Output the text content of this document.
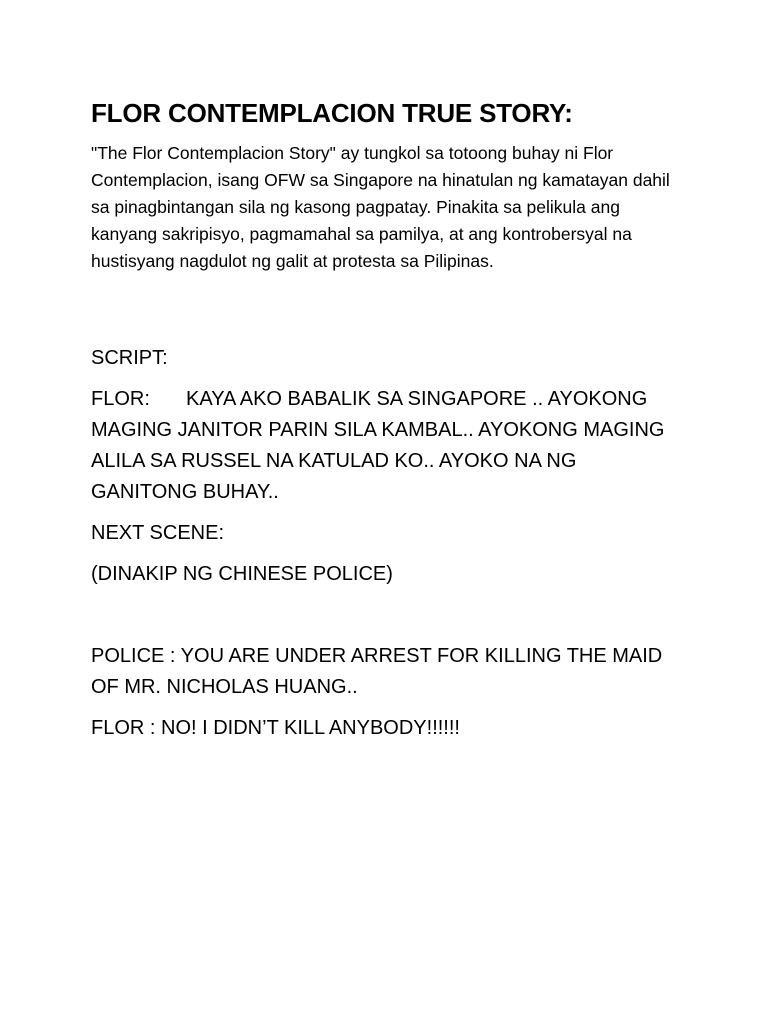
FLOR CONTEMPLACION TRUE STORY:

"The Flor Contemplacion Story" ay tungkol sa totoong buhay ni Flor Contemplacion, isang OFW sa Singapore na hinatulan ng kamatayan dahil sa pinagbintangan sila ng kasong pagpatay. Pinakita sa pelikula ang kanyang sakripisyo, pagmamahal sa pamilya, at ang kontrobersyal na hustisyang nagdulot ng galit at protesta sa Pilipinas.

SCRIPT:

FLOR:	KAYA AKO BABALIK SA SINGAPORE .. AYOKONG MAGING JANITOR PARIN SILA KAMBAL.. AYOKONG MAGING ALILA SA RUSSEL NA KATULAD KO.. AYOKO NA NG GANITONG BUHAY..

NEXT SCENE:

(DINAKIP NG CHINESE POLICE)

POLICE : YOU ARE UNDER ARREST FOR KILLING THE MAID OF MR. NICHOLAS HUANG..

FLOR : NO! I DIDN’T KILL ANYBODY!!!!!!
